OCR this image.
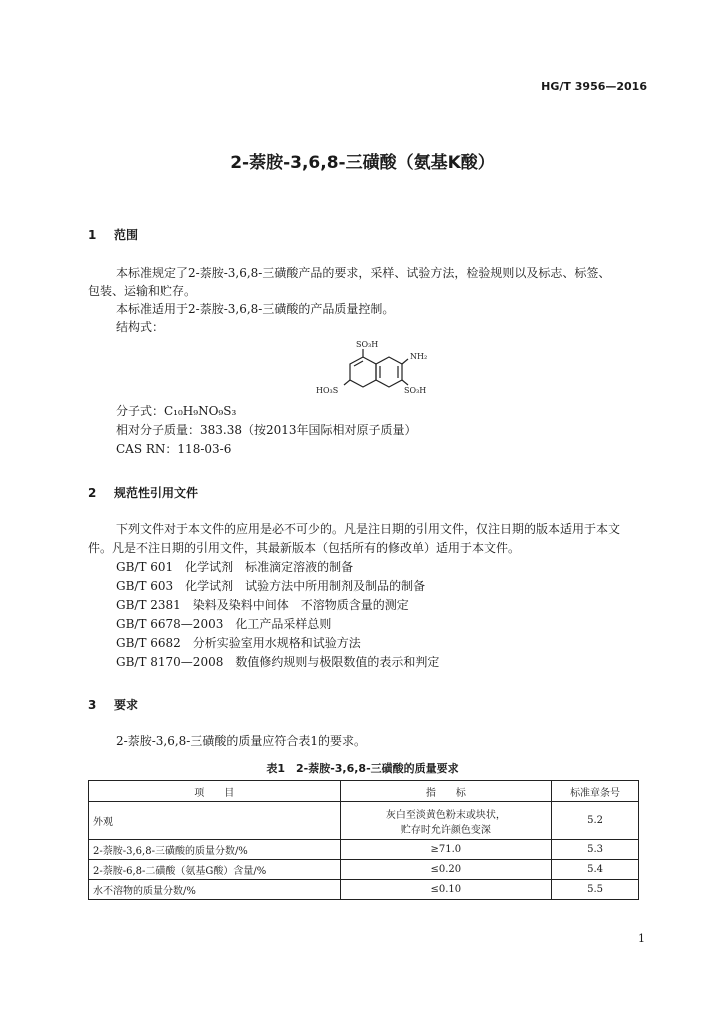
HG/T 3956—2016
2-萘胺-3,6,8-三磺酸（氨基K酸）
1 范围
本标准规定了2-萘胺-3,6,8-三磺酸产品的要求，采样、试验方法，检验规则以及标志、标签、
包装、运输和贮存。
本标准适用于2-萘胺-3,6,8-三磺酸的产品质量控制。
结构式：
SO₃H
NH₂
HO₃S	SO₃H
分子式：C₁₀H₉NO₉S₃
相对分子质量：383.38（按2013年国际相对原子质量）
CAS RN：118-03-6
2 规范性引用文件
下列文件对于本文件的应用是必不可少的。凡是注日期的引用文件，仅注日期的版本适用于本文
件。凡是不注日期的引用文件，其最新版本（包括所有的修改单）适用于本文件。
GB/T 601　化学试剂　标准滴定溶液的制备
GB/T 603　化学试剂　试验方法中所用制剂及制品的制备
GB/T 2381　染料及染料中间体　不溶物质含量的测定
GB/T 6678—2003　化工产品采样总则
GB/T 6682　分析实验室用水规格和试验方法
GB/T 8170—2008　数值修约规则与极限数值的表示和判定
3 要求
2-萘胺-3,6,8-三磺酸的质量应符合表1的要求。
表1　2-萘胺-3,6,8-三磺酸的质量要求
项　　目	指　　标	标准章条号
外观	灰白至淡黄色粉末或块状，
贮存时允许颜色变深	5.2
2-萘胺-3,6,8-三磺酸的质量分数/%	≥71.0	5.3
2-萘胺-6,8-二磺酸（氨基G酸）含量/%	≤0.20	5.4
水不溶物的质量分数/%	≤0.10	5.5
1
